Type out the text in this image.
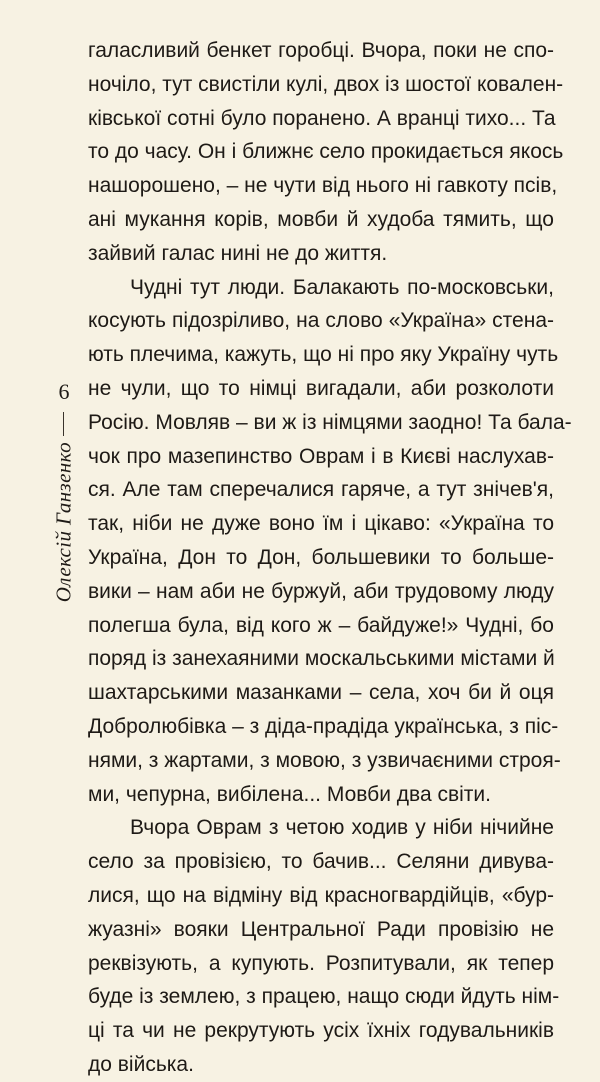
6
Олексій Ганзенко
галасливий бенкет горобці. Вчора, поки не спо-
ночіло, тут свистіли кулі, двох із шостої ковален-
ківської сотні було поранено. А вранці тихо... Та
то до часу. Он і ближнє село прокидається якось
нашорошено, – не чути від нього ні гавкоту псів,
ані мукання корів, мовби й худоба тямить, що
зайвий галас нині не до життя.
Чудні тут люди. Балакають по-московськи,
косують підозріливо, на слово «Україна» стена-
ють плечима, кажуть, що ні про яку Україну чуть
не чули, що то німці вигадали, аби розколоти
Росію. Мовляв – ви ж із німцями заодно! Та бала-
чок про мазепинство Оврам і в Києві наслухав-
ся. Але там сперечалися гаряче, а тут знічев'я,
так, ніби не дуже воно їм і цікаво: «Україна то
Україна, Дон то Дон, большевики то больше-
вики – нам аби не буржуй, аби трудовому люду
полегша була, від кого ж – байдуже!» Чудні, бо
поряд із занехаяними москальськими містами й
шахтарськими мазанками – села, хоч би й оця
Добролюбівка – з діда-прадіда українська, з піс-
нями, з жартами, з мовою, з узвичаєними строя-
ми, чепурна, вибілена... Мовби два світи.
Вчора Оврам з четою ходив у ніби нічийне
село за провізією, то бачив... Селяни дивува-
лися, що на відміну від красногвардійців, «бур-
жуазні» вояки Центральної Ради провізію не
реквізують, а купують. Розпитували, як тепер
буде із землею, з працею, нащо сюди йдуть нім-
ці та чи не рекрутують усіх їхніх годувальників
до війська.
